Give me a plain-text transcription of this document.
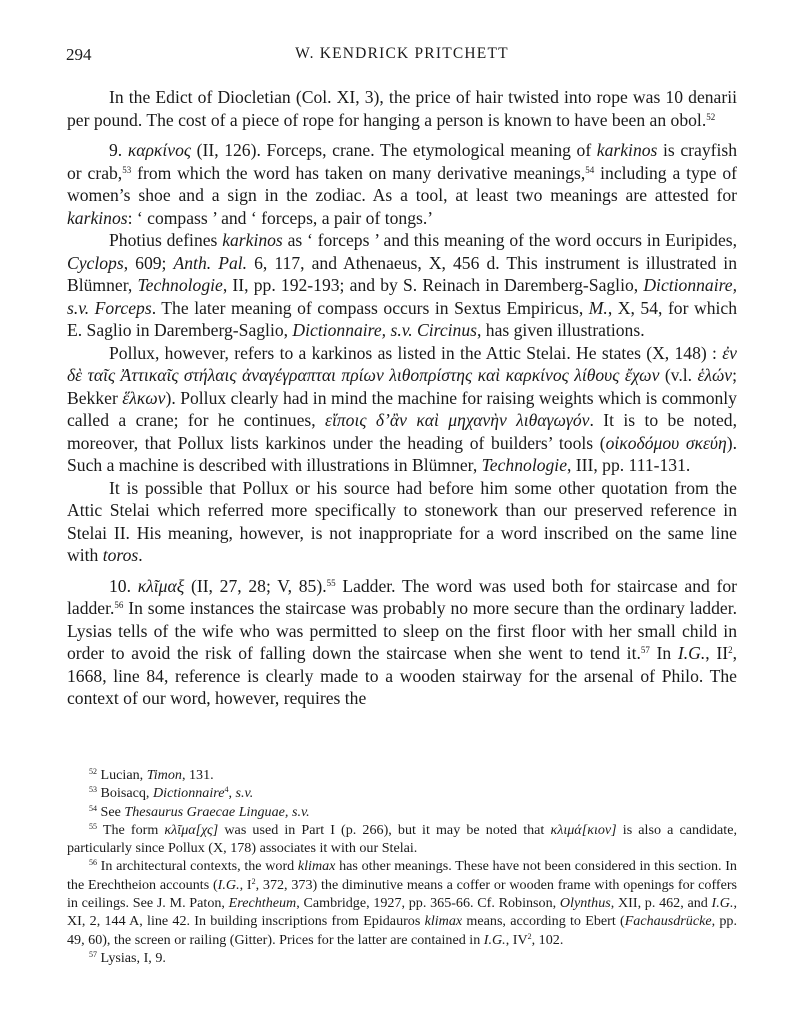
294	W. KENDRICK PRITCHETT

In the Edict of Diocletian (Col. XI, 3), the price of hair twisted into rope was 10 denarii per pound. The cost of a piece of rope for hanging a person is known to have been an obol.$^{52}$

9. καρκίνος (II, 126). Forceps, crane. The etymological meaning of karkinos is crayfish or crab,$^{53}$ from which the word has taken on many derivative meanings,$^{54}$ including a type of women’s shoe and a sign in the zodiac. As a tool, at least two meanings are attested for karkinos: ‘ compass ’ and ‘ forceps, a pair of tongs.’

Photius defines karkinos as ‘ forceps ’ and this meaning of the word occurs in Euripides, Cyclops, 609; Anth. Pal. 6, 117, and Athenaeus, X, 456 d. This instrument is illustrated in Blümner, Technologie, II, pp. 192-193; and by S. Reinach in Daremberg-Saglio, Dictionnaire, s.v. Forceps. The later meaning of compass occurs in Sextus Empiricus, M., X, 54, for which E. Saglio in Daremberg-Saglio, Dictionnaire, s.v. Circinus, has given illustrations.

Pollux, however, refers to a karkinos as listed in the Attic Stelai. He states (X, 148) : ἐν δὲ ταῖς Ἀττικαῖς στήλαις ἀναγέγραπται πρίων λιθοπρίστης καὶ καρκίνος λίθους ἔχων (v.l. ἑλών; Bekker ἕλκων). Pollux clearly had in mind the machine for raising weights which is commonly called a crane; for he continues, εἴποις δ’ἂν καὶ μηχανὴν λιθαγωγόν. It is to be noted, moreover, that Pollux lists karkinos under the heading of builders’ tools (οἰκοδόμου σκεύη). Such a machine is described with illustrations in Blümner, Technologie, III, pp. 111-131.

It is possible that Pollux or his source had before him some other quotation from the Attic Stelai which referred more specifically to stonework than our preserved reference in Stelai II. His meaning, however, is not inappropriate for a word inscribed on the same line with toros.

10. κλῖμαξ (II, 27, 28; V, 85).$^{55}$ Ladder. The word was used both for staircase and for ladder.$^{56}$ In some instances the staircase was probably no more secure than the ordinary ladder. Lysias tells of the wife who was permitted to sleep on the first floor with her small child in order to avoid the risk of falling down the staircase when she went to tend it.$^{57}$ In I.G., $II^2$, 1668, line 84, reference is clearly made to a wooden stairway for the arsenal of Philo. The context of our word, however, requires the

$^{52}$ Lucian, Timon, 131.

$^{53}$ Boisacq, Dictionnaire$^4$, s.v.

$^{54}$ See Thesaurus Graecae Linguae, s.v.

$^{55}$ The form κλῖμα[χς] was used in Part I (p. 266), but it may be noted that κλιμά[κιον] is also a candidate, particularly since Pollux (X, 178) associates it with our Stelai.

$^{56}$ In architectural contexts, the word klimax has other meanings. These have not been considered in this section. In the Erechtheion accounts (I.G., $I^2$, 372, 373) the diminutive means a coffer or wooden frame with openings for coffers in ceilings. See J. M. Paton, Erechtheum, Cambridge, 1927, pp. 365-66. Cf. Robinson, Olynthus, XII, p. 462, and I.G., XI, 2, 144 A, line 42. In building inscriptions from Epidauros klimax means, according to Ebert (Fachausdrücke, pp. 49, 60), the screen or railing (Gitter). Prices for the latter are contained in I.G., $IV^2$, 102.

$^{57}$ Lysias, I, 9.
